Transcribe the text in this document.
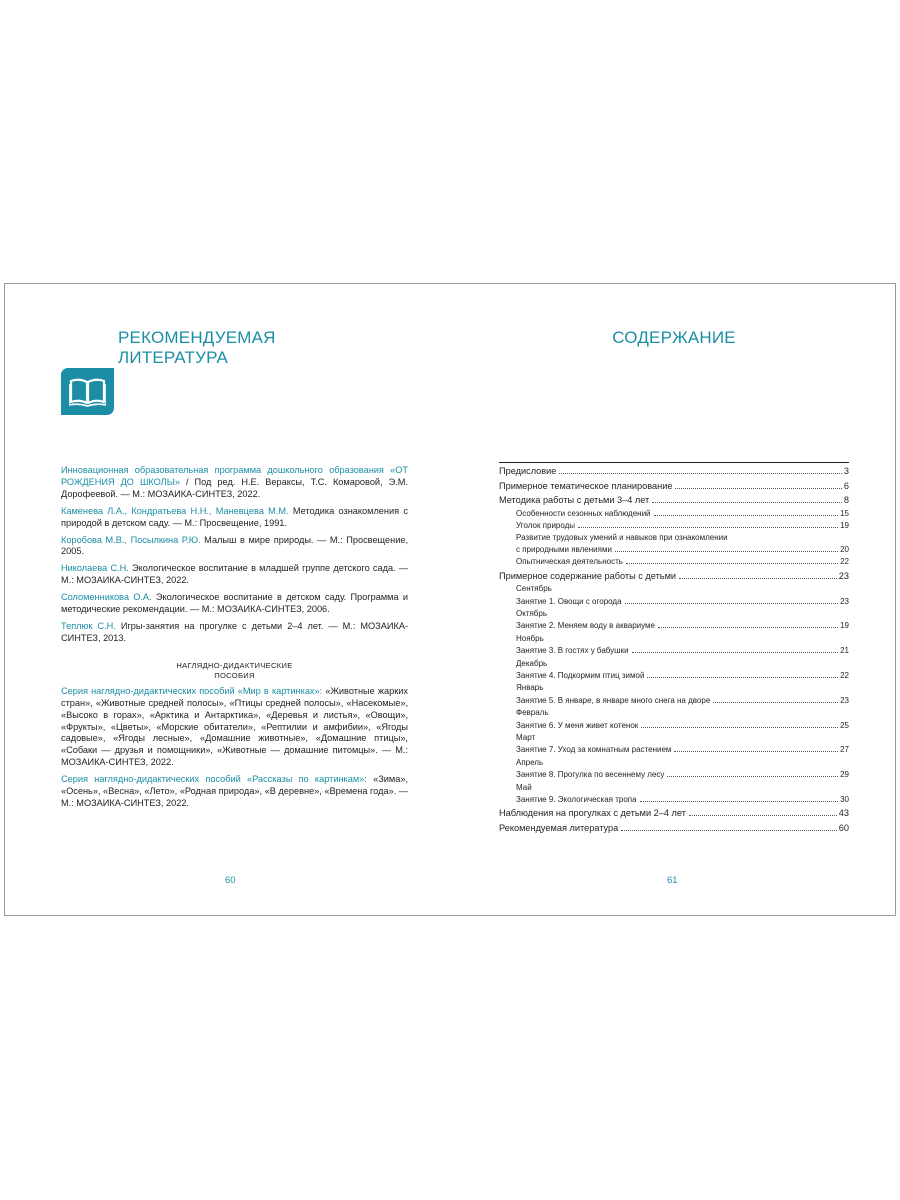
РЕКОМЕНДУЕМАЯ
ЛИТЕРАТУРА

Инновационная образовательная программа дошкольного образования «ОТ РОЖДЕНИЯ ДО ШКОЛЫ» / Под ред. Н.Е. Вераксы, Т.С. Комаровой, Э.М. Дорофеевой. — М.: МОЗАИКА-СИНТЕЗ, 2022.

Каменева Л.А., Кондратьева Н.Н., Маневцева М.М. Методика ознакомления с природой в детском саду. — М.: Просвещение, 1991.

Коробова М.В., Посылкина Р.Ю. Малыш в мире природы. — М.: Просвещение, 2005.

Николаева С.Н. Экологическое воспитание в младшей группе детского сада. — М.: МОЗАИКА-СИНТЕЗ, 2022.

Соломенникова О.А. Экологическое воспитание в детском саду. Программа и методические рекомендации. — М.: МОЗАИКА-СИНТЕЗ, 2006.

Теплюк С.Н. Игры-занятия на прогулке с детьми 2–4 лет. — М.: МОЗАИКА-СИНТЕЗ, 2013.

НАГЛЯДНО-ДИДАКТИЧЕСКИЕ
ПОСОБИЯ

Серия наглядно-дидактических пособий «Мир в картинках»: «Животные жарких стран», «Животные средней полосы», «Птицы средней полосы», «Насекомые», «Высоко в горах», «Арктика и Антарктика», «Деревья и листья», «Овощи», «Фрукты», «Цветы», «Морские обитатели», «Рептилии и амфибии», «Ягоды садовые», «Ягоды лесные», «Домашние животные», «Домашние птицы», «Собаки — друзья и помощники», «Животные — домашние питомцы». — М.: МОЗАИКА-СИНТЕЗ, 2022.

Серия наглядно-дидактических пособий «Рассказы по картинкам»: «Зима», «Осень», «Весна», «Лето», «Родная природа», «В деревне», «Времена года». — М.: МОЗАИКА-СИНТЕЗ, 2022.

60
СОДЕРЖАНИЕ
Предисловие	3
Примерное тематическое планирование	6
Методика работы с детьми 3–4 лет	8
Особенности сезонных наблюдений	15
Уголок природы	19
Развитие трудовых умений и навыков при ознакомлении
с природными явлениями	20
Опытническая деятельность	22
Примерное содержание работы с детьми	23
Сентябрь
Занятие 1. Овощи с огорода	23
Октябрь
Занятие 2. Меняем воду в аквариуме	19
Ноябрь
Занятие 3. В гостях у бабушки	21
Декабрь
Занятие 4. Подкормим птиц зимой	22
Январь
Занятие 5. В январе, в январе много снега на дворе	23
Февраль
Занятие 6. У меня живет котенок	25
Март
Занятие 7. Уход за комнатным растением	27
Апрель
Занятие 8. Прогулка по весеннему лесу	29
Май
Занятие 9. Экологическая тропа	30
Наблюдения на прогулках с детьми 2–4 лет	43
Рекомендуемая литература	60
61
